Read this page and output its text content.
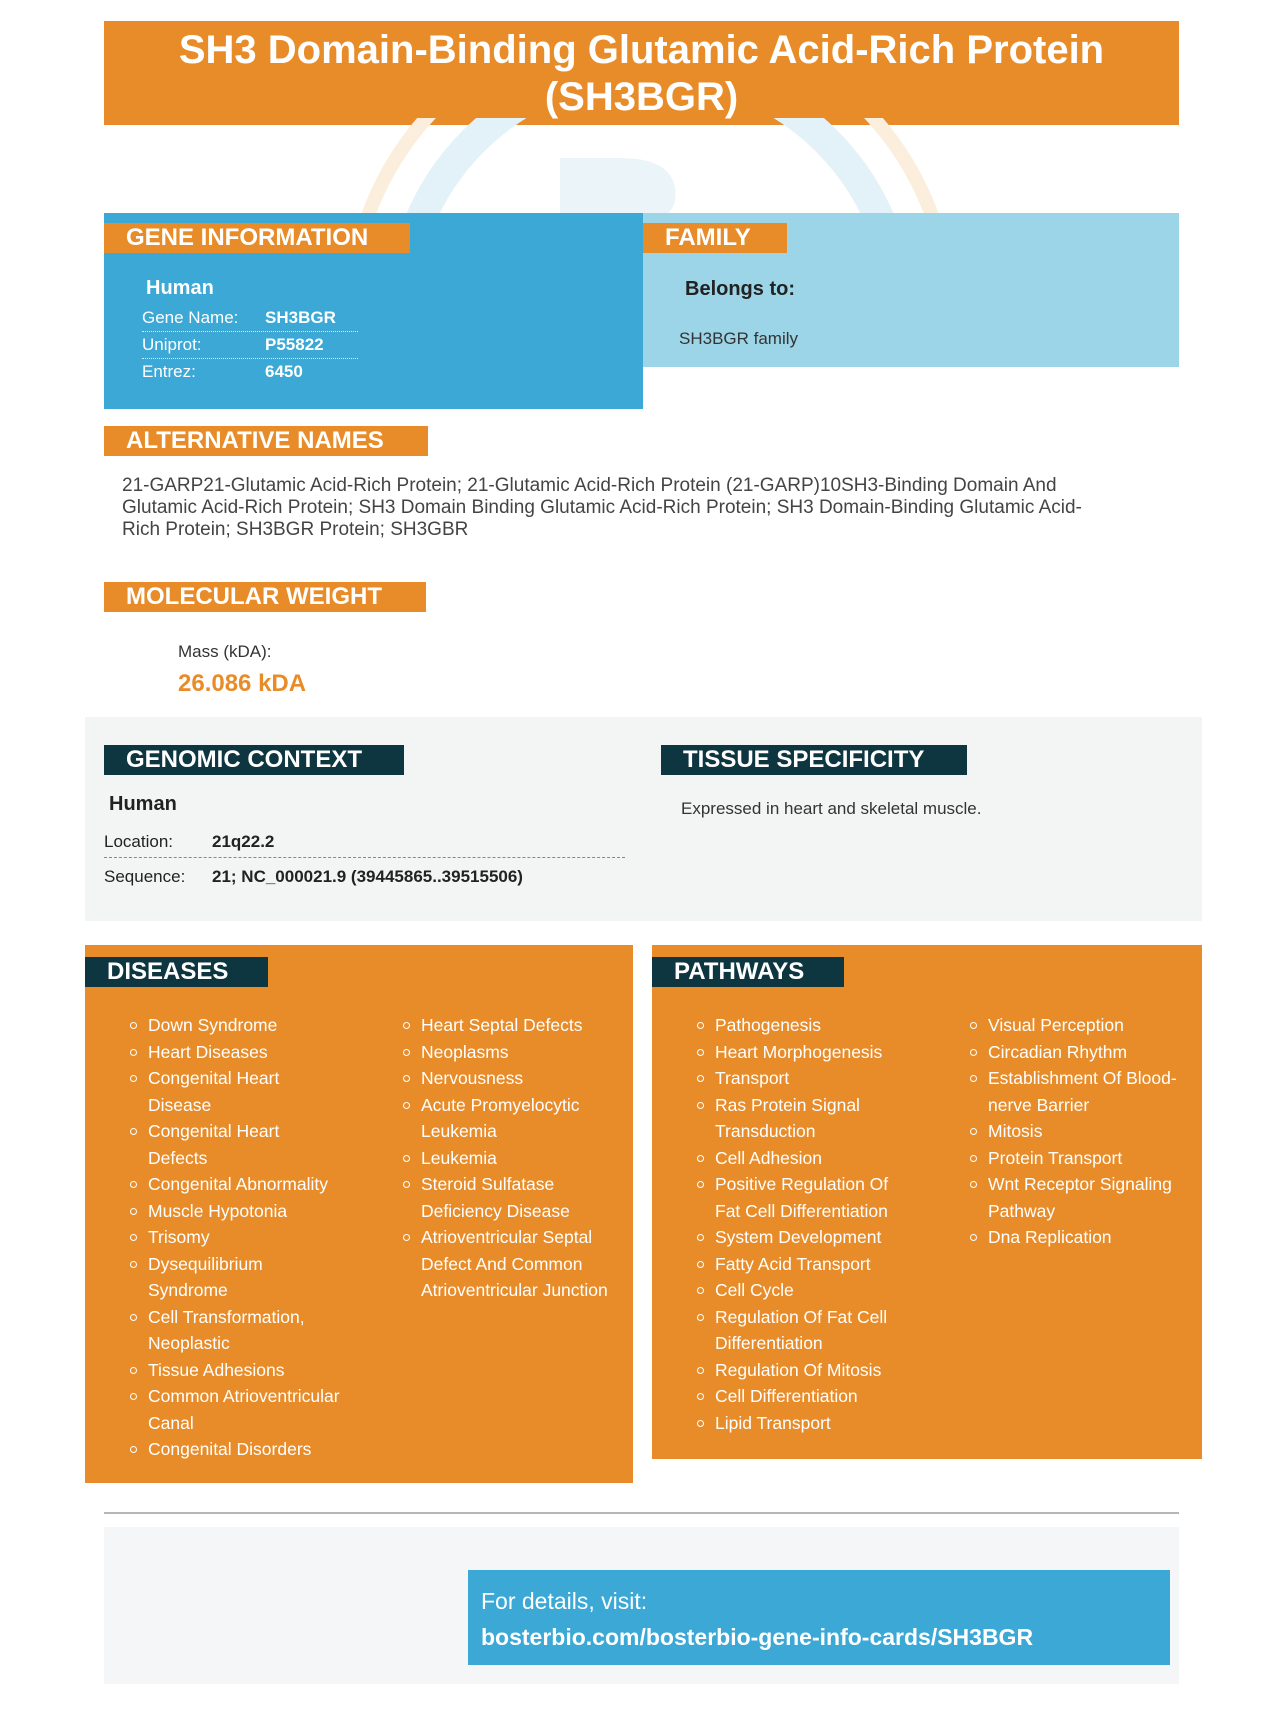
SH3 Domain-Binding Glutamic Acid-Rich Protein
(SH3BGR)
GENE INFORMATION
Human
Gene Name: SH3BGR
Uniprot:	P55822
Entrez:	6450
FAMILY
Belongs to:
SH3BGR family
ALTERNATIVE NAMES
21-GARP21-Glutamic Acid-Rich Protein; 21-Glutamic Acid-Rich Protein (21-GARP)10SH3-Binding Domain And
Glutamic Acid-Rich Protein; SH3 Domain Binding Glutamic Acid-Rich Protein; SH3 Domain-Binding Glutamic Acid-
Rich Protein; SH3BGR Protein; SH3GBR
MOLECULAR WEIGHT
Mass (kDA):
26.086 kDA
GENOMIC CONTEXT
Human
Location: 21q22.2
Sequence: 21; NC_000021.9 (39445865..39515506)
TISSUE SPECIFICITY
Expressed in heart and skeletal muscle.
DISEASES
Down Syndrome
Heart Diseases
Congenital Heart
Disease
Congenital Heart
Defects
Congenital Abnormality
Muscle Hypotonia
Trisomy
Dysequilibrium
Syndrome
Cell Transformation,
Neoplastic
Tissue Adhesions
Common Atrioventricular
Canal
Congenital Disorders
Heart Septal Defects
Neoplasms
Nervousness
Acute Promyelocytic
Leukemia
Leukemia
Steroid Sulfatase
Deficiency Disease
Atrioventricular Septal
Defect And Common
Atrioventricular Junction
PATHWAYS
Pathogenesis
Heart Morphogenesis
Transport
Ras Protein Signal
Transduction
Cell Adhesion
Positive Regulation Of
Fat Cell Differentiation
System Development
Fatty Acid Transport
Cell Cycle
Regulation Of Fat Cell
Differentiation
Regulation Of Mitosis
Cell Differentiation
Lipid Transport
Visual Perception
Circadian Rhythm
Establishment Of Blood-
nerve Barrier
Mitosis
Protein Transport
Wnt Receptor Signaling
Pathway
Dna Replication
For details, visit:
bosterbio.com/bosterbio-gene-info-cards/SH3BGR
